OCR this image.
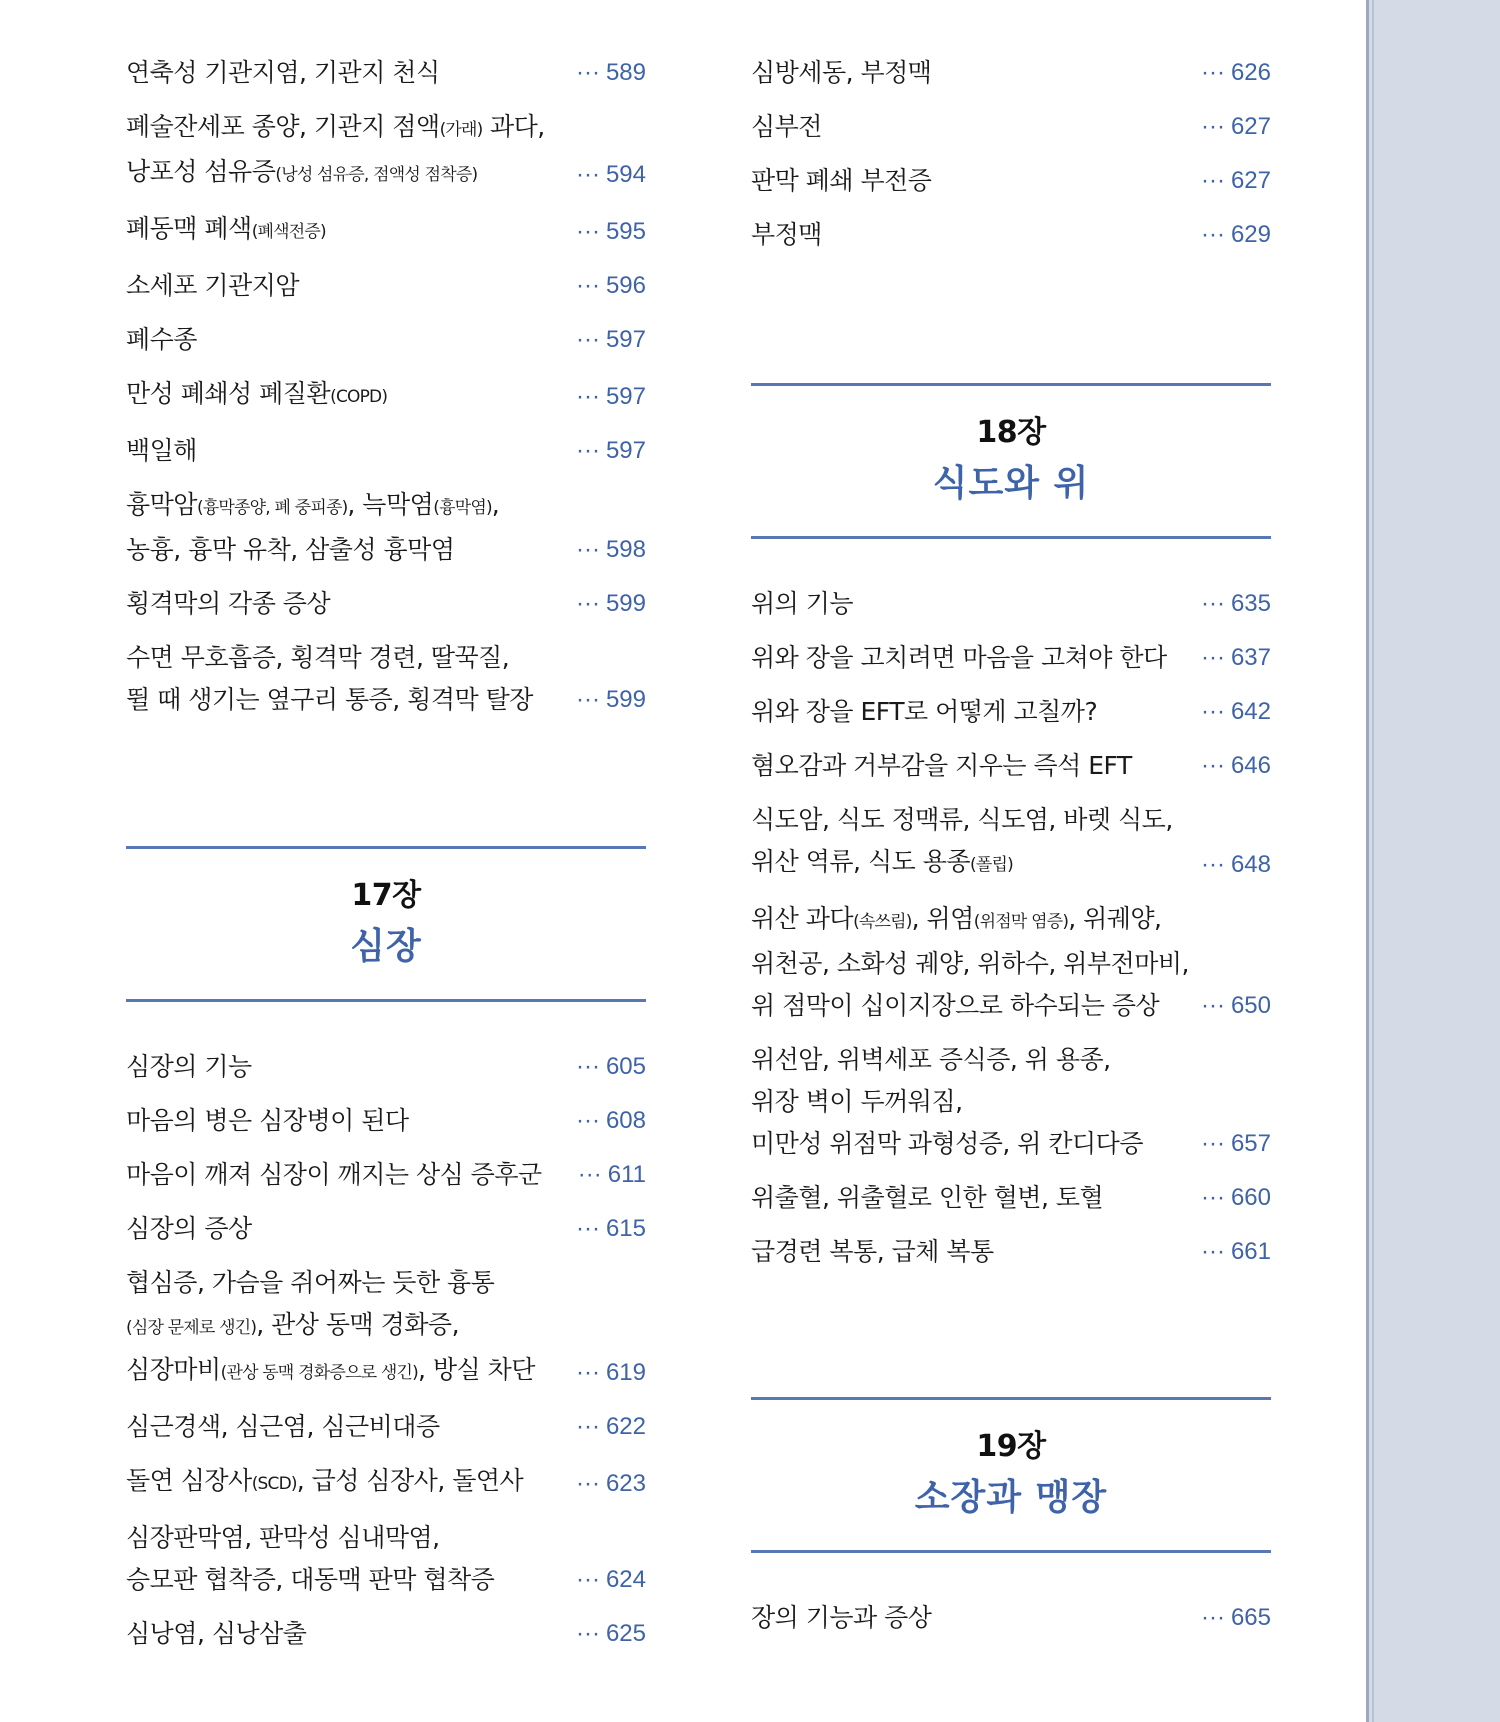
연축성 기관지염, 기관지 천식	··· 589
폐술잔세포 종양, 기관지 점액(가래) 과다,
낭포성 섬유증(낭성 섬유증, 점액성 점착증)	··· 594
폐동맥 폐색(폐색전증)	··· 595
소세포 기관지암	··· 596
폐수종	··· 597
만성 폐쇄성 폐질환(COPD)	··· 597
백일해	··· 597
흉막암(흉막종양, 폐 중피종), 늑막염(흉막염),
농흉, 흉막 유착, 삼출성 흉막염	··· 598
횡격막의 각종 증상	··· 599
수면 무호흡증, 횡격막 경련, 딸꾹질,
뛸 때 생기는 옆구리 통증, 횡격막 탈장	··· 599
17장
심장
심장의 기능	··· 605
마음의 병은 심장병이 된다	··· 608
마음이 깨져 심장이 깨지는 상심 증후군	··· 611
심장의 증상	··· 615
협심증, 가슴을 쥐어짜는 듯한 흉통
(심장 문제로 생긴), 관상 동맥 경화증,
심장마비(관상 동맥 경화증으로 생긴), 방실 차단	··· 619
심근경색, 심근염, 심근비대증	··· 622
돌연 심장사(SCD), 급성 심장사, 돌연사	··· 623
심장판막염, 판막성 심내막염,
승모판 협착증, 대동맥 판막 협착증	··· 624
심낭염, 심낭삼출	··· 625
심방세동, 부정맥	··· 626
심부전	··· 627
판막 폐쇄 부전증	··· 627
부정맥	··· 629
18장
식도와 위
위의 기능	··· 635
위와 장을 고치려면 마음을 고쳐야 한다	··· 637
위와 장을 EFT로 어떻게 고칠까?	··· 642
혐오감과 거부감을 지우는 즉석 EFT	··· 646
식도암, 식도 정맥류, 식도염, 바렛 식도,
위산 역류, 식도 용종(폴립)	··· 648
위산 과다(속쓰림), 위염(위점막 염증), 위궤양,
위천공, 소화성 궤양, 위하수, 위부전마비,
위 점막이 십이지장으로 하수되는 증상	··· 650
위선암, 위벽세포 증식증, 위 용종,
위장 벽이 두꺼워짐,
미만성 위점막 과형성증, 위 칸디다증	··· 657
위출혈, 위출혈로 인한 혈변, 토혈	··· 660
급경련 복통, 급체 복통	··· 661
19장
소장과 맹장
장의 기능과 증상	··· 665
